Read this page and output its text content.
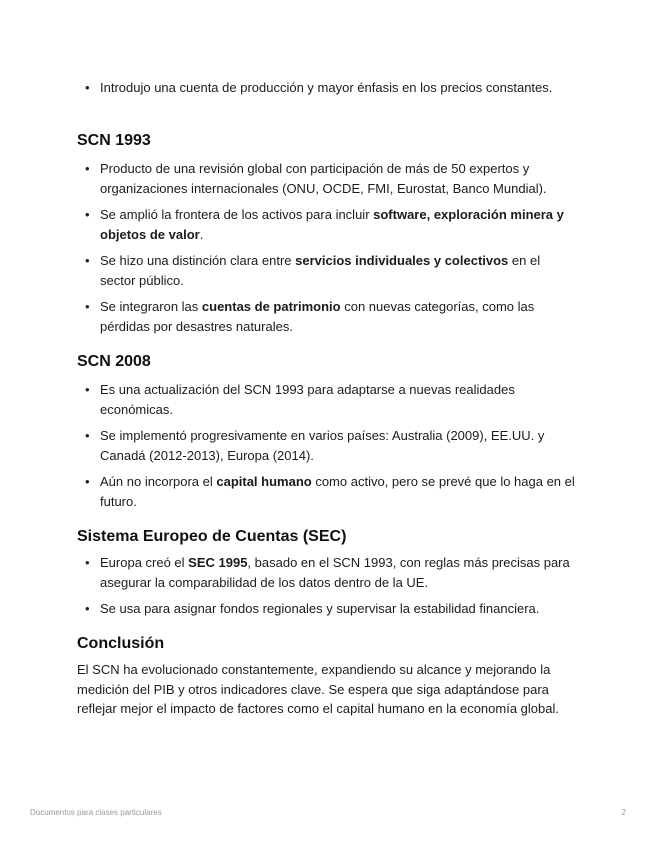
• Introdujo una cuenta de producción y mayor énfasis en los precios constantes.
SCN 1993
• Producto de una revisión global con participación de más de 50 expertos y organizaciones internacionales (ONU, OCDE, FMI, Eurostat, Banco Mundial).
• Se amplió la frontera de los activos para incluir software, exploración minera y objetos de valor.
• Se hizo una distinción clara entre servicios individuales y colectivos en el sector público.
• Se integraron las cuentas de patrimonio con nuevas categorías, como las pérdidas por desastres naturales.
SCN 2008
• Es una actualización del SCN 1993 para adaptarse a nuevas realidades económicas.
• Se implementó progresivamente en varios países: Australia (2009), EE.UU. y Canadá (2012-2013), Europa (2014).
• Aún no incorpora el capital humano como activo, pero se prevé que lo haga en el futuro.
Sistema Europeo de Cuentas (SEC)
• Europa creó el SEC 1995, basado en el SCN 1993, con reglas más precisas para asegurar la comparabilidad de los datos dentro de la UE.
• Se usa para asignar fondos regionales y supervisar la estabilidad financiera.
Conclusión

El SCN ha evolucionado constantemente, expandiendo su alcance y mejorando la medición del PIB y otros indicadores clave. Se espera que siga adaptándose para reflejar mejor el impacto de factores como el capital humano en la economía global.

Documentos para clases particulares	2
